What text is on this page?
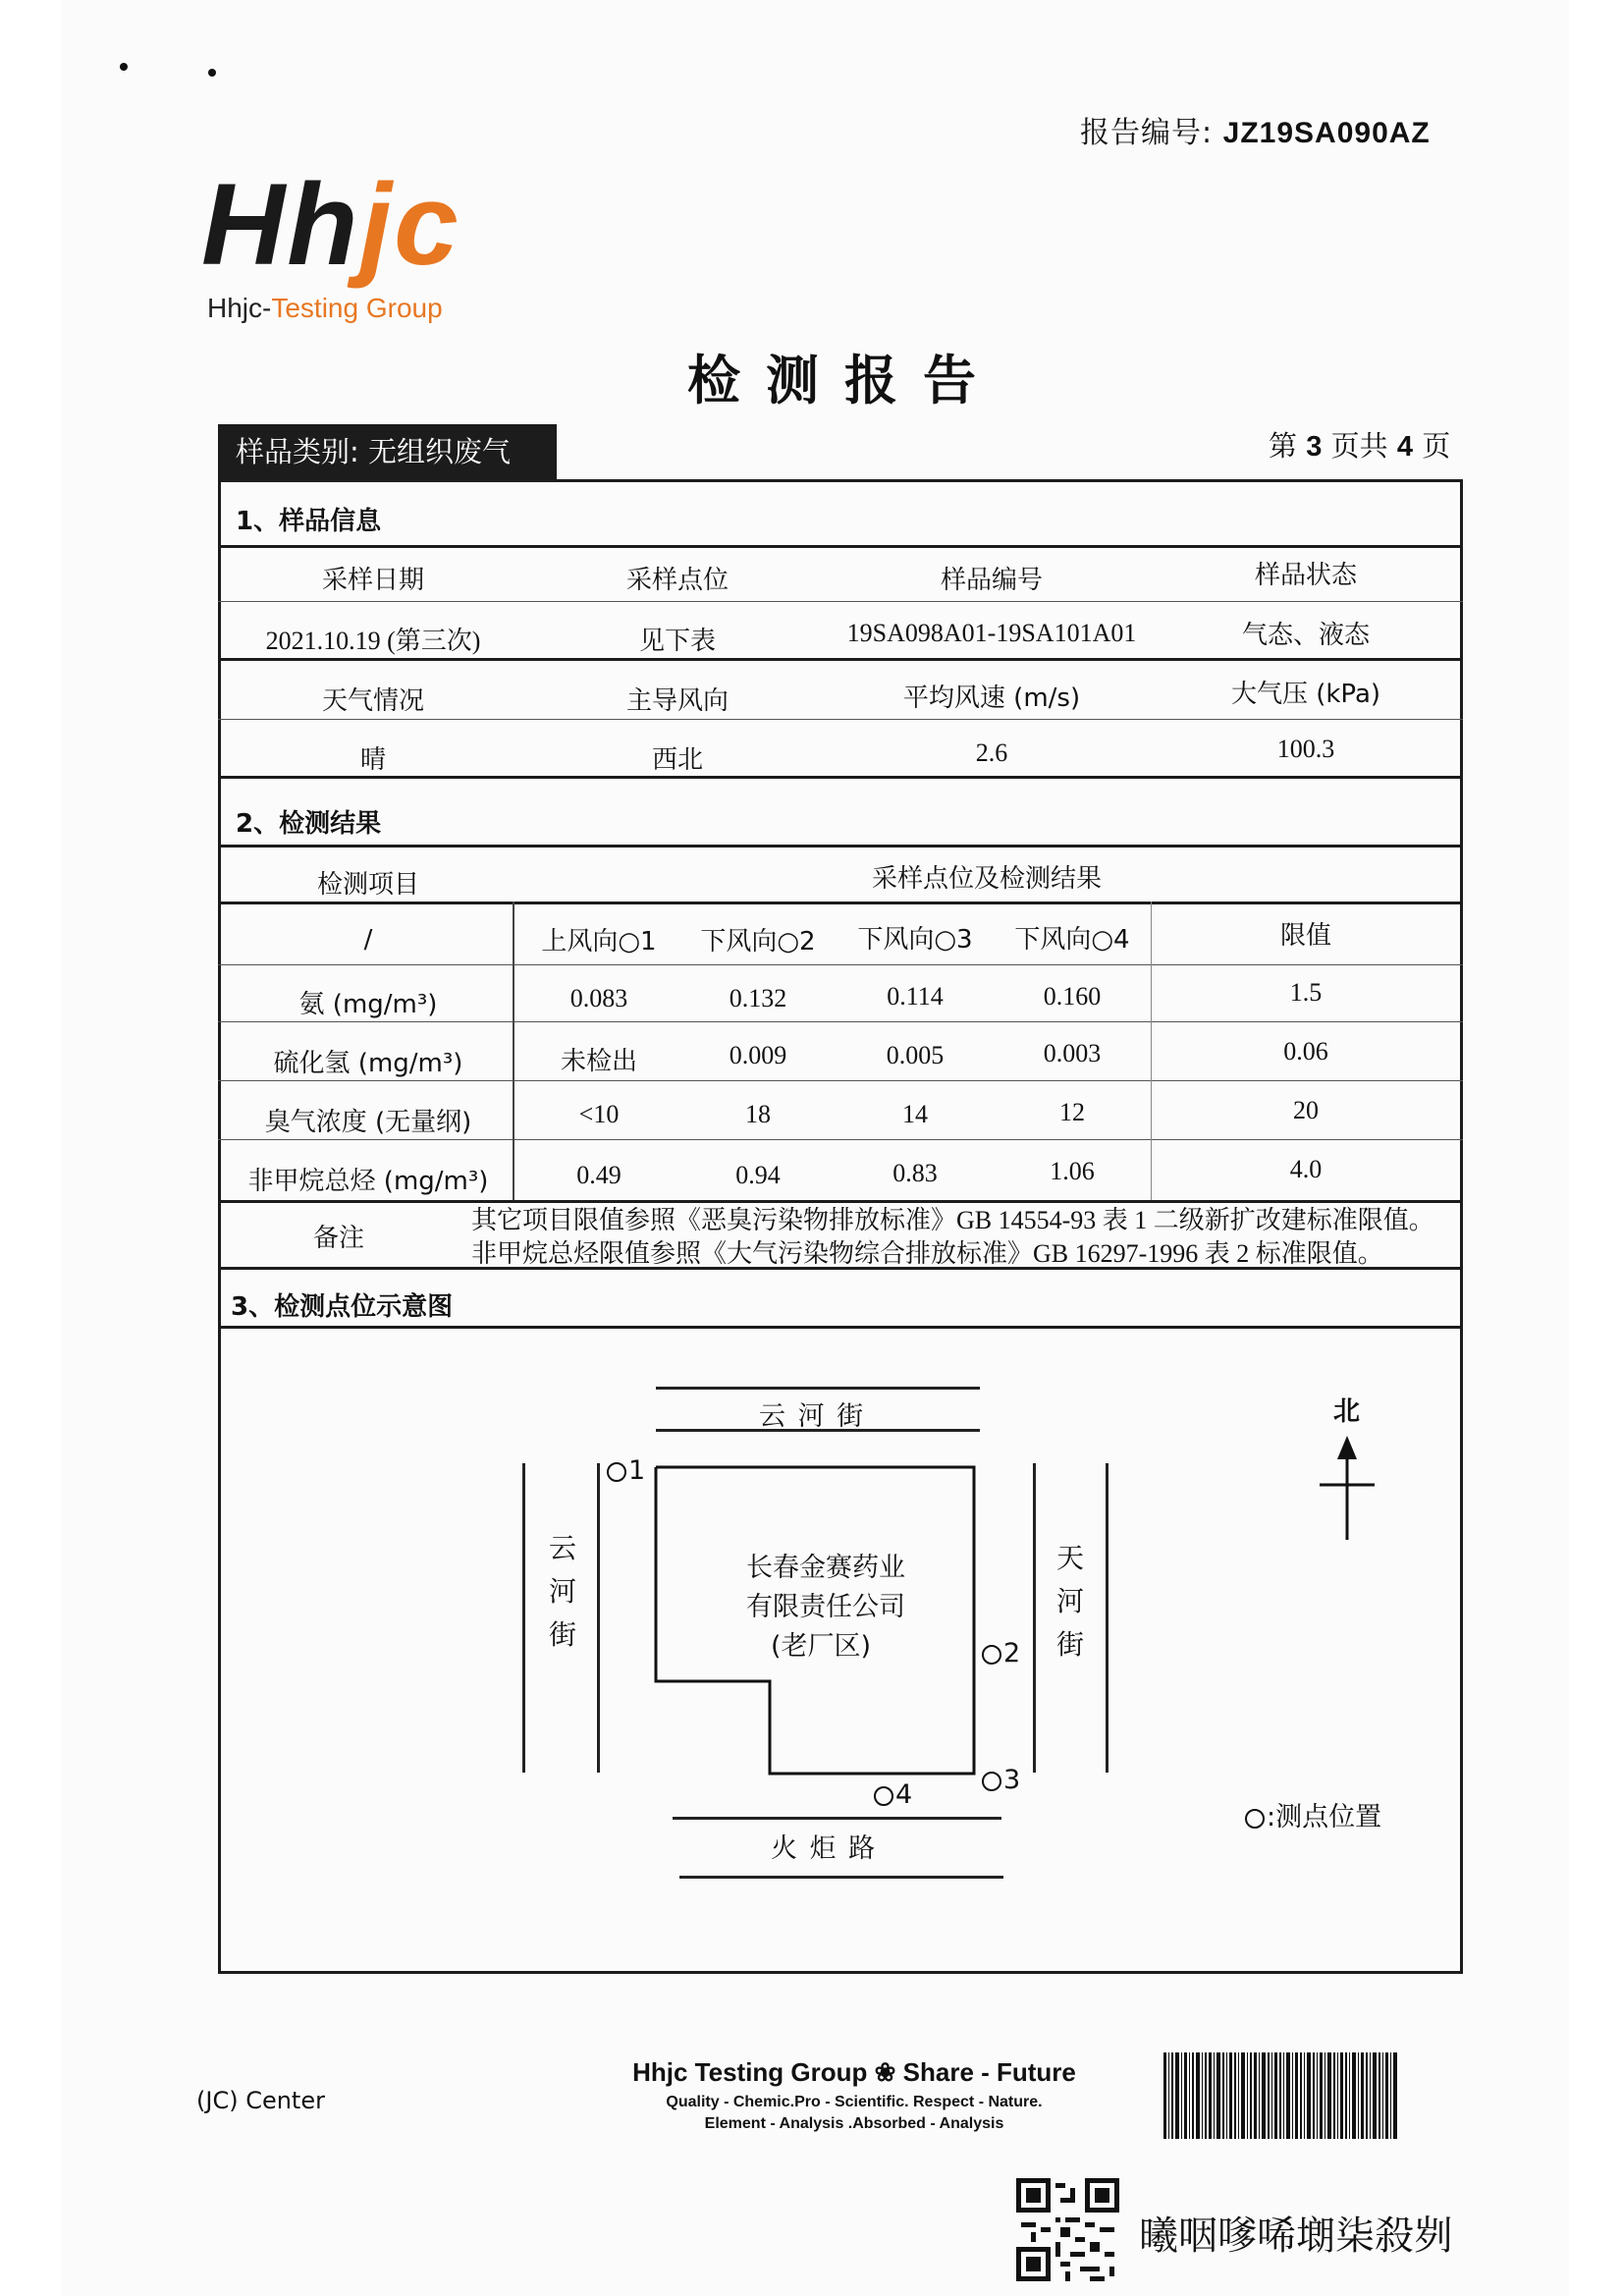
报告编号: JZ19SA090AZ
Hhjc
Hhjc-Testing Group
检测报告
样品类别: 无组织废气	第 3 页共 4 页
1、样品信息
采样日期	采样点位	样品编号	样品状态
2021.10.19 (第三次)	见下表	19SA098A01-19SA101A01	气态、液态
天气情况	主导风向	平均风速 (m/s)	大气压 (kPa)
晴	西北	2.6	100.3
2、检测结果
检测项目	采样点位及检测结果
/	上风向○1	下风向○2	下风向○3	下风向○4	限值
氨 (mg/m³)	0.083	0.132	0.114	0.160	1.5
硫化氢 (mg/m³)	未检出	0.009	0.005	0.003	0.06
臭气浓度 (无量纲)	<10	18	14	12	20
非甲烷总烃 (mg/m³)	0.49	0.94	0.83	1.06	4.0
备注
其它项目限值参照《恶臭污染物排放标准》GB 14554-93 表 1 二级新扩改建标准限值。
非甲烷总烃限值参照《大气污染物综合排放标准》GB 16297-1996 表 2 标准限值。
3、检测点位示意图
云 河 街
云
河
街
天
河
街
火 炬 路
长春金赛药业
有限责任公司
(老厂区)
1
2
3
4
北
:测点位置
(JC) Center
Hhjc Testing Group ❀ Share - Future
Quality - Chemic.Pro - Scientific. Respect - Nature.
Element - Analysis .Absorbed - Analysis
曦咽嗲唏㙟柒殺刿
